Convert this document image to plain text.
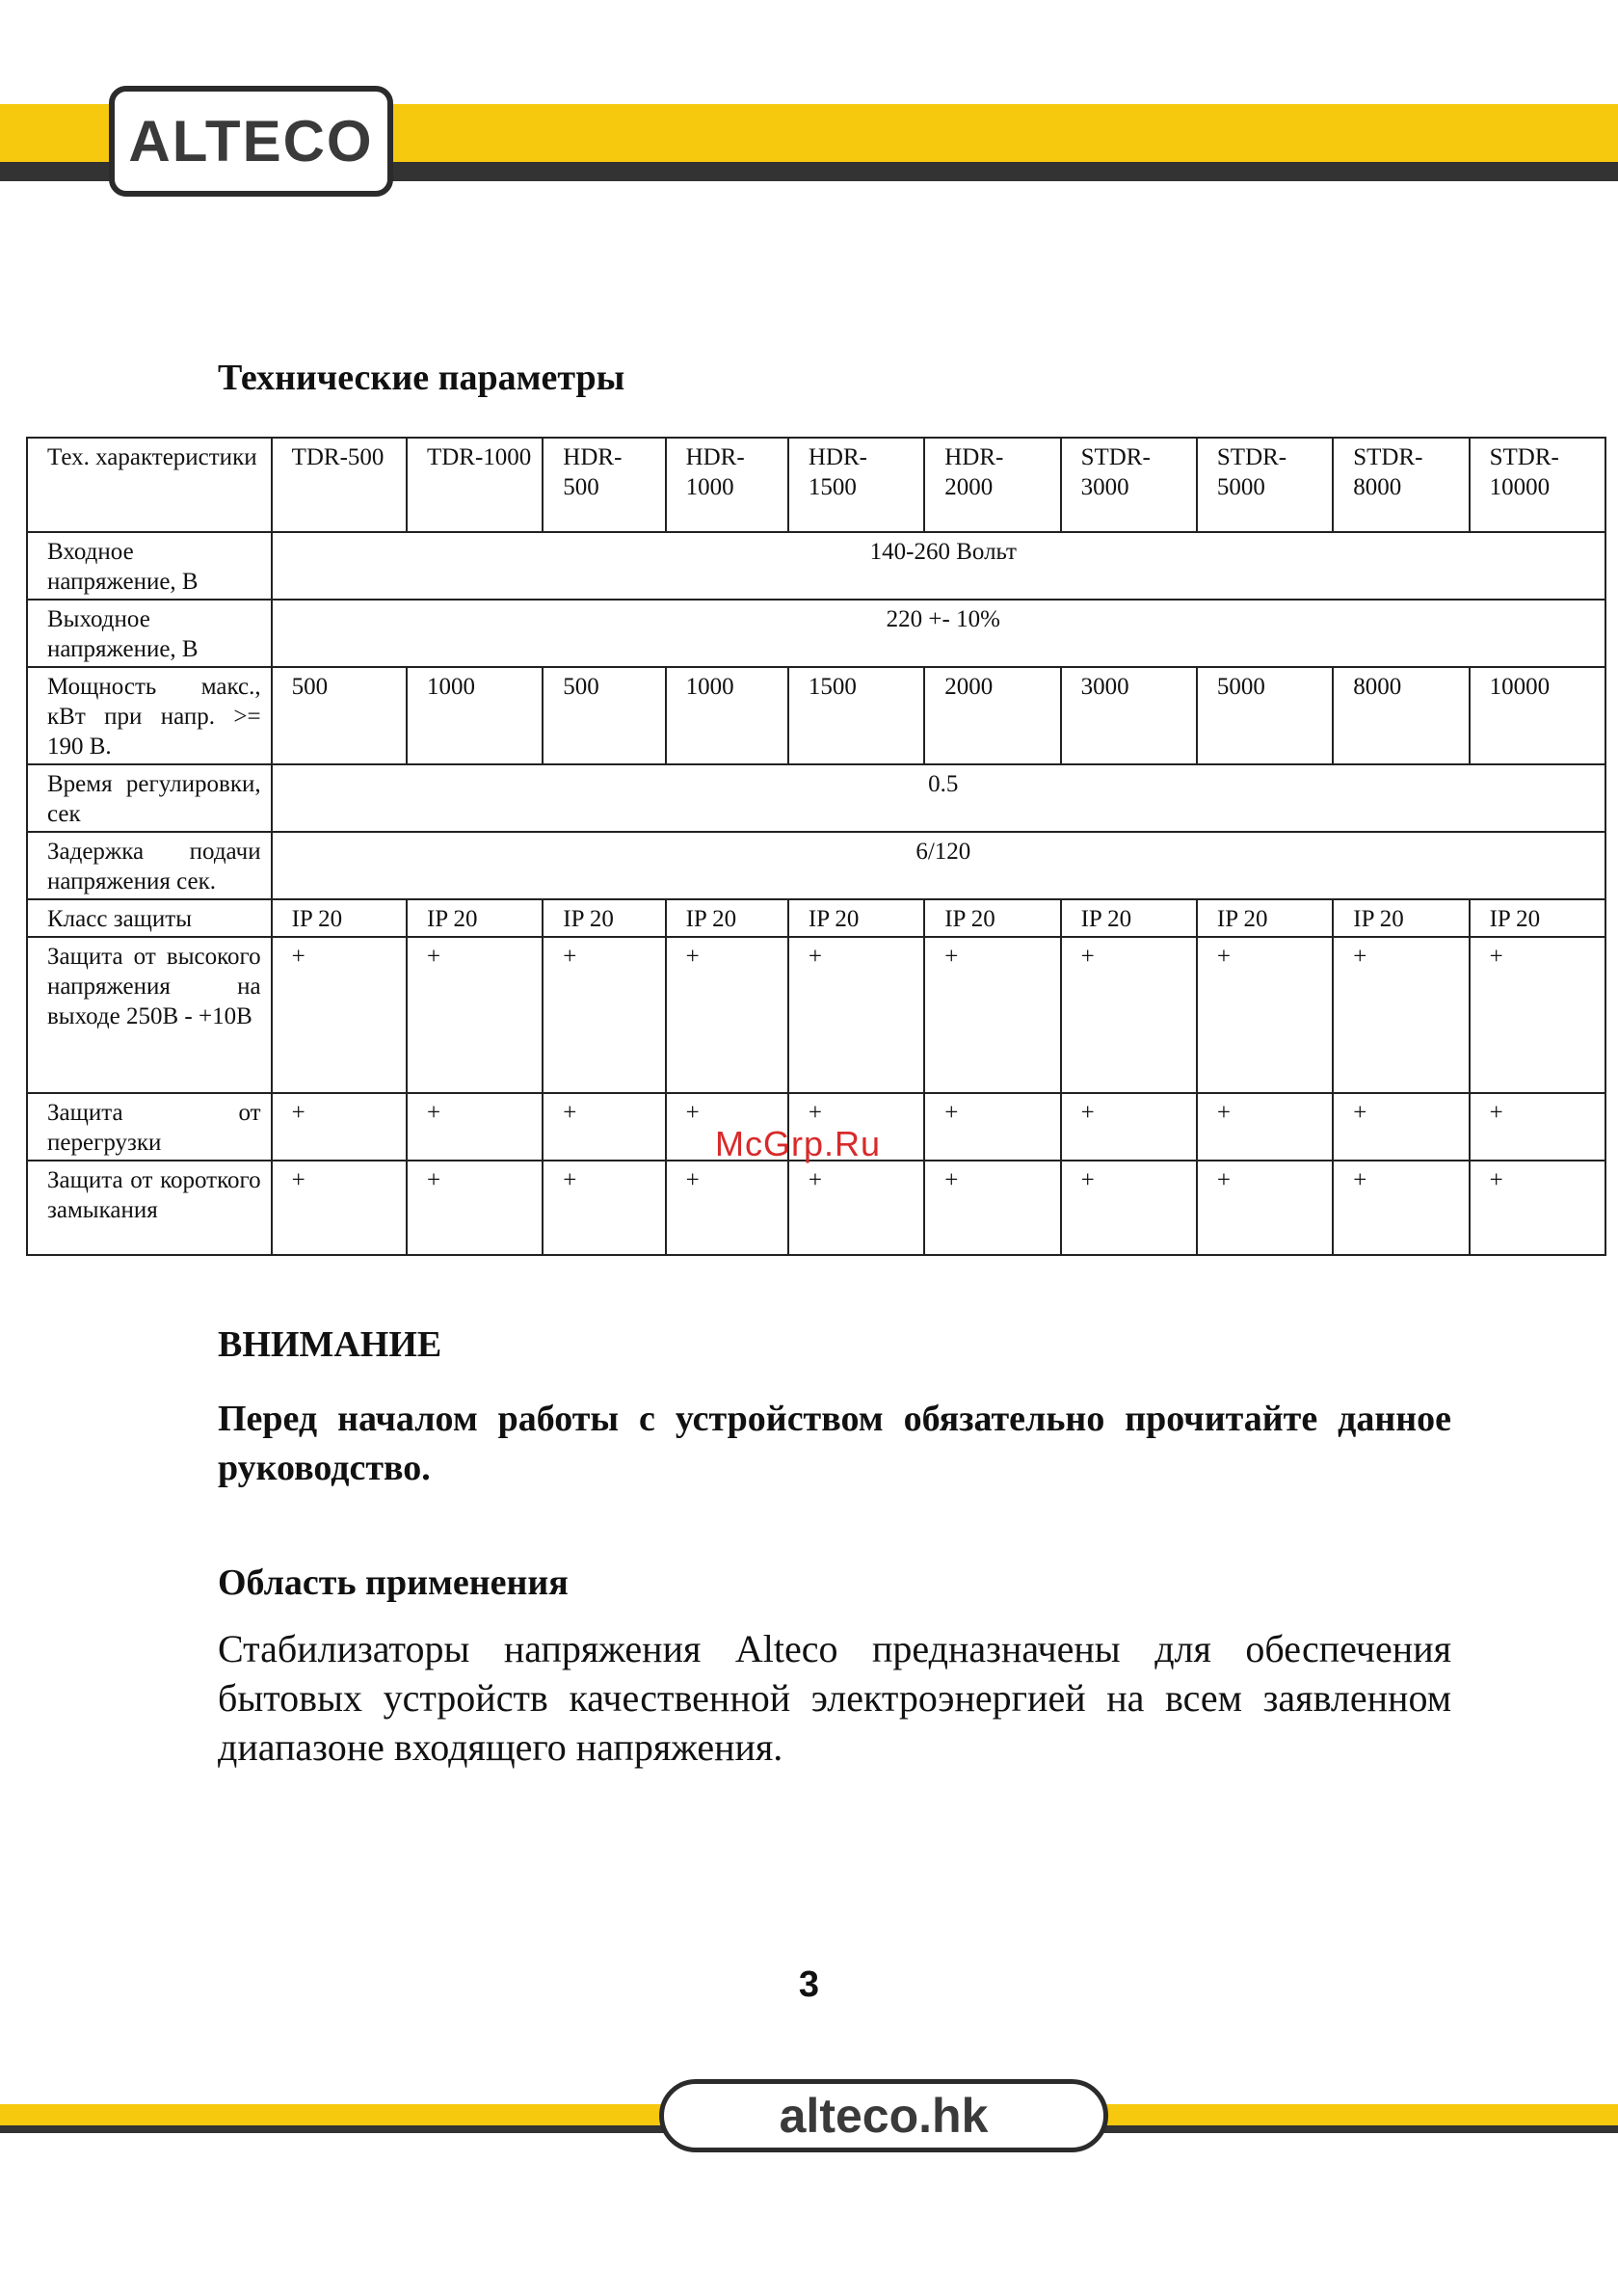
ALTECO
Технические параметры
Тех. характеристики	TDR-500	TDR-1000	HDR-500	HDR-1000	HDR-1500	HDR-2000	STDR-3000	STDR-5000	STDR-8000	STDR-10000
Входное напряжение, В	140-260 Вольт									
Выходное напряжение, В	220 +- 10%									
Мощность макс., кВт при напр. >= 190 В.	500	1000	500	1000	1500	2000	3000	5000	8000	10000
Время регулировки, сек	0.5									
Задержка подачи напряжения сек.	6/120									
Класс защиты	IP 20	IP 20	IP 20	IP 20	IP 20	IP 20	IP 20	IP 20	IP 20	IP 20
Защита от высокого напряжения на выходе 250В - +10В	+	+	+	+	+	+	+	+	+	+
Защита от перегрузки	+	+	+	+	+	+	+	+	+	+
Защита от короткого замыкания	+	+	+	+	+	+	+	+	+	+
McGrp.Ru
ВНИМАНИЕ
Перед началом работы с устройством обязательно прочитайте данное руководство.
Область применения
Стабилизаторы напряжения Alteco предназначены для обеспечения бытовых устройств качественной электроэнергией на всем заявленном диапазоне входящего напряжения.
3
alteco.hk
